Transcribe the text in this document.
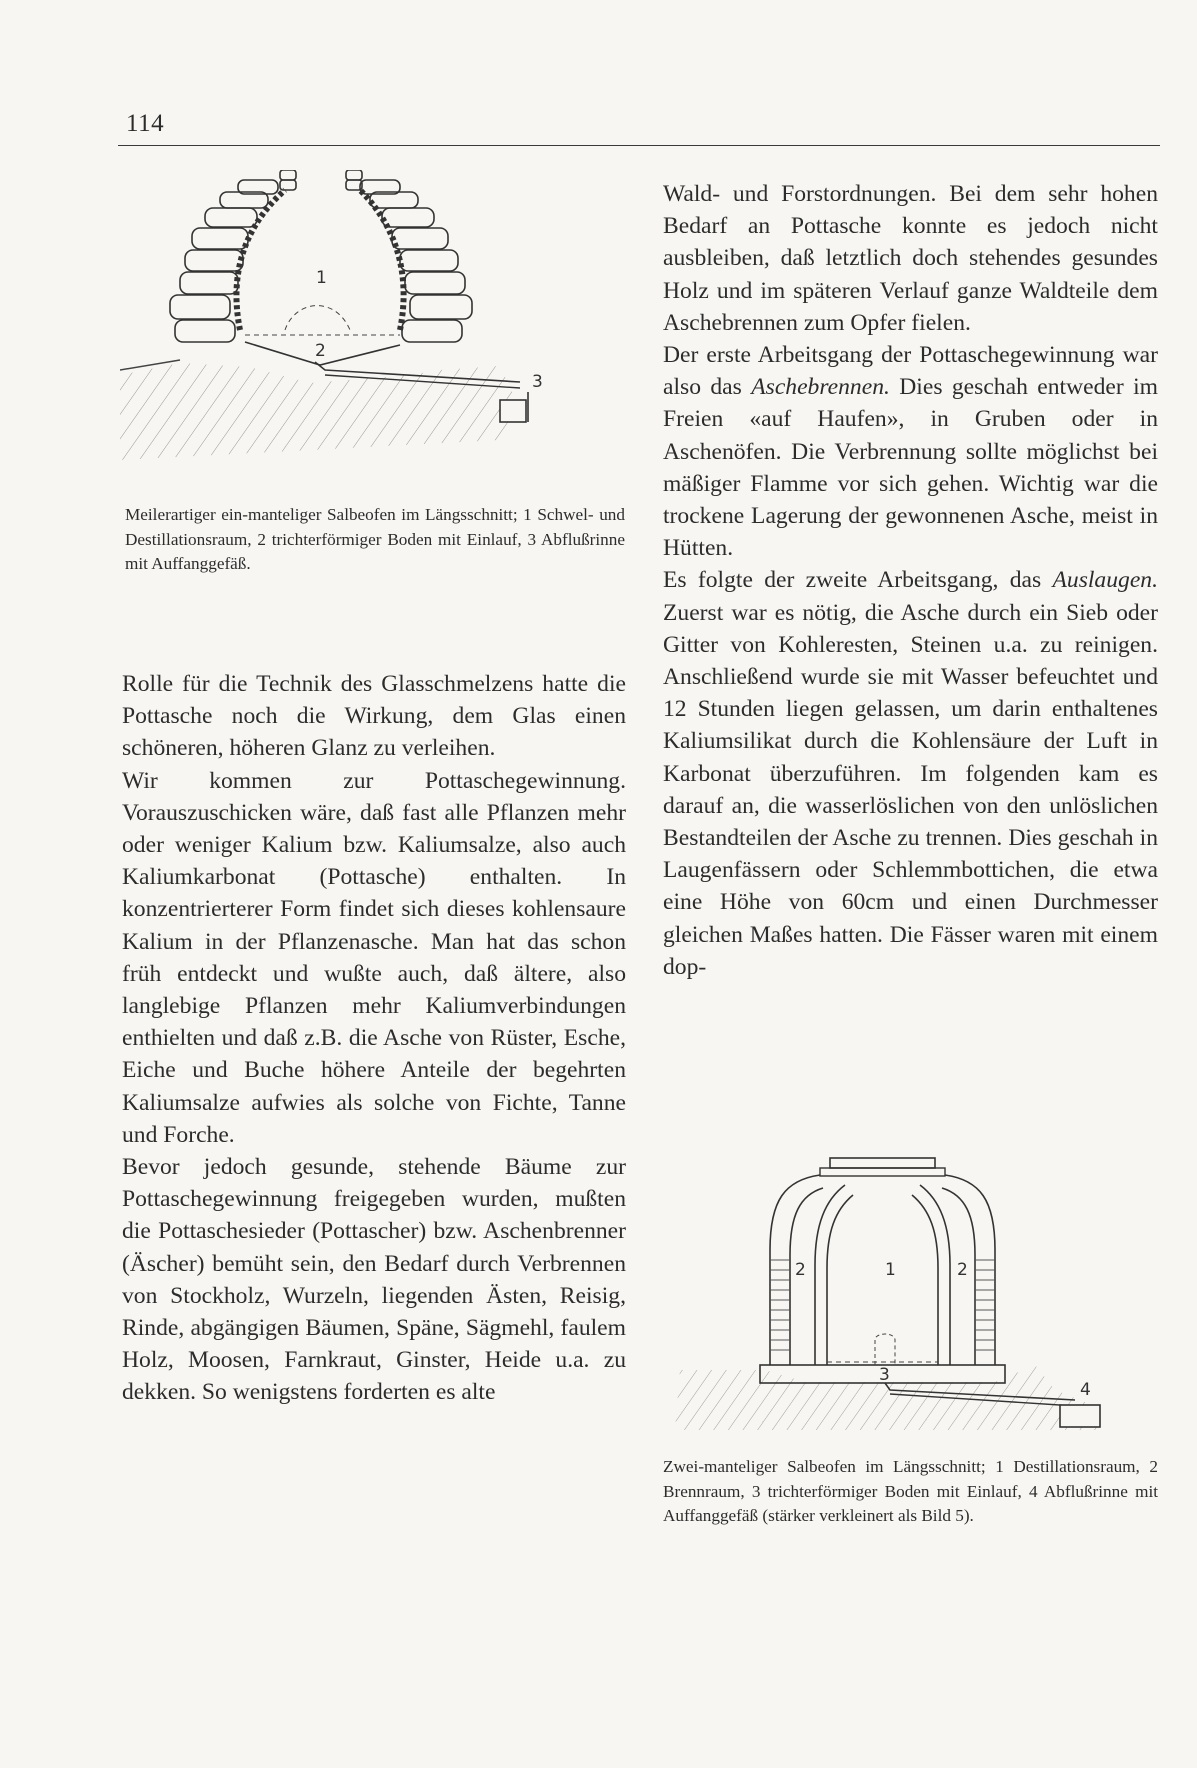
114
1
2
3
Meilerartiger ein-manteliger Salbeofen im Längsschnitt; 1 Schwel- und Destillationsraum, 2 trichterförmiger Boden mit Einlauf, 3 Abflußrinne mit Auffanggefäß.

Rolle für die Technik des Glasschmelzens hatte die Pottasche noch die Wirkung, dem Glas einen schöneren, höheren Glanz zu verleihen.

Wir kommen zur Pottaschegewinnung. Vorauszuschicken wäre, daß fast alle Pflanzen mehr oder weniger Kalium bzw. Kaliumsalze, also auch Kaliumkarbonat (Pottasche) enthalten. In konzentrierterer Form findet sich dieses kohlensaure Kalium in der Pflanzenasche. Man hat das schon früh entdeckt und wußte auch, daß ältere, also langlebige Pflanzen mehr Kaliumverbindungen enthielten und daß z.B. die Asche von Rüster, Esche, Eiche und Buche höhere Anteile der begehrten Kaliumsalze aufwies als solche von Fichte, Tanne und Forche.

Bevor jedoch gesunde, stehende Bäume zur Pottaschegewinnung freigegeben wurden, mußten die Pottaschesieder (Pottascher) bzw. Aschenbrenner (Äscher) bemüht sein, den Bedarf durch Verbrennen von Stockholz, Wurzeln, liegenden Ästen, Reisig, Rinde, abgängigen Bäumen, Späne, Sägmehl, faulem Holz, Moosen, Farnkraut, Ginster, Heide u.a. zu dekken. So wenigstens forderten es alte

Wald- und Forstordnungen. Bei dem sehr hohen Bedarf an Pottasche konnte es jedoch nicht ausbleiben, daß letztlich doch stehendes gesundes Holz und im späteren Verlauf ganze Waldteile dem Aschebrennen zum Opfer fielen.

Der erste Arbeitsgang der Pottaschegewinnung war also das Aschebrennen. Dies geschah entweder im Freien «auf Haufen», in Gruben oder in Aschenöfen. Die Verbrennung sollte möglichst bei mäßiger Flamme vor sich gehen. Wichtig war die trockene Lagerung der gewonnenen Asche, meist in Hütten.

Es folgte der zweite Arbeitsgang, das Auslaugen. Zuerst war es nötig, die Asche durch ein Sieb oder Gitter von Kohleresten, Steinen u.a. zu reinigen. Anschließend wurde sie mit Wasser befeuchtet und 12 Stunden liegen gelassen, um darin enthaltenes Kaliumsilikat durch die Kohlensäure der Luft in Karbonat überzuführen. Im folgenden kam es darauf an, die wasserlöslichen von den unlöslichen Bestandteilen der Asche zu trennen. Dies geschah in Laugenfässern oder Schlemmbottichen, die etwa eine Höhe von 60cm und einen Durchmesser gleichen Maßes hatten. Die Fässer waren mit einem dop-

1
2	2
3
4
Zwei-manteliger Salbeofen im Längsschnitt; 1 Destillationsraum, 2 Brennraum, 3 trichterförmiger Boden mit Einlauf, 4 Abflußrinne mit Auffanggefäß (stärker verkleinert als Bild 5).
